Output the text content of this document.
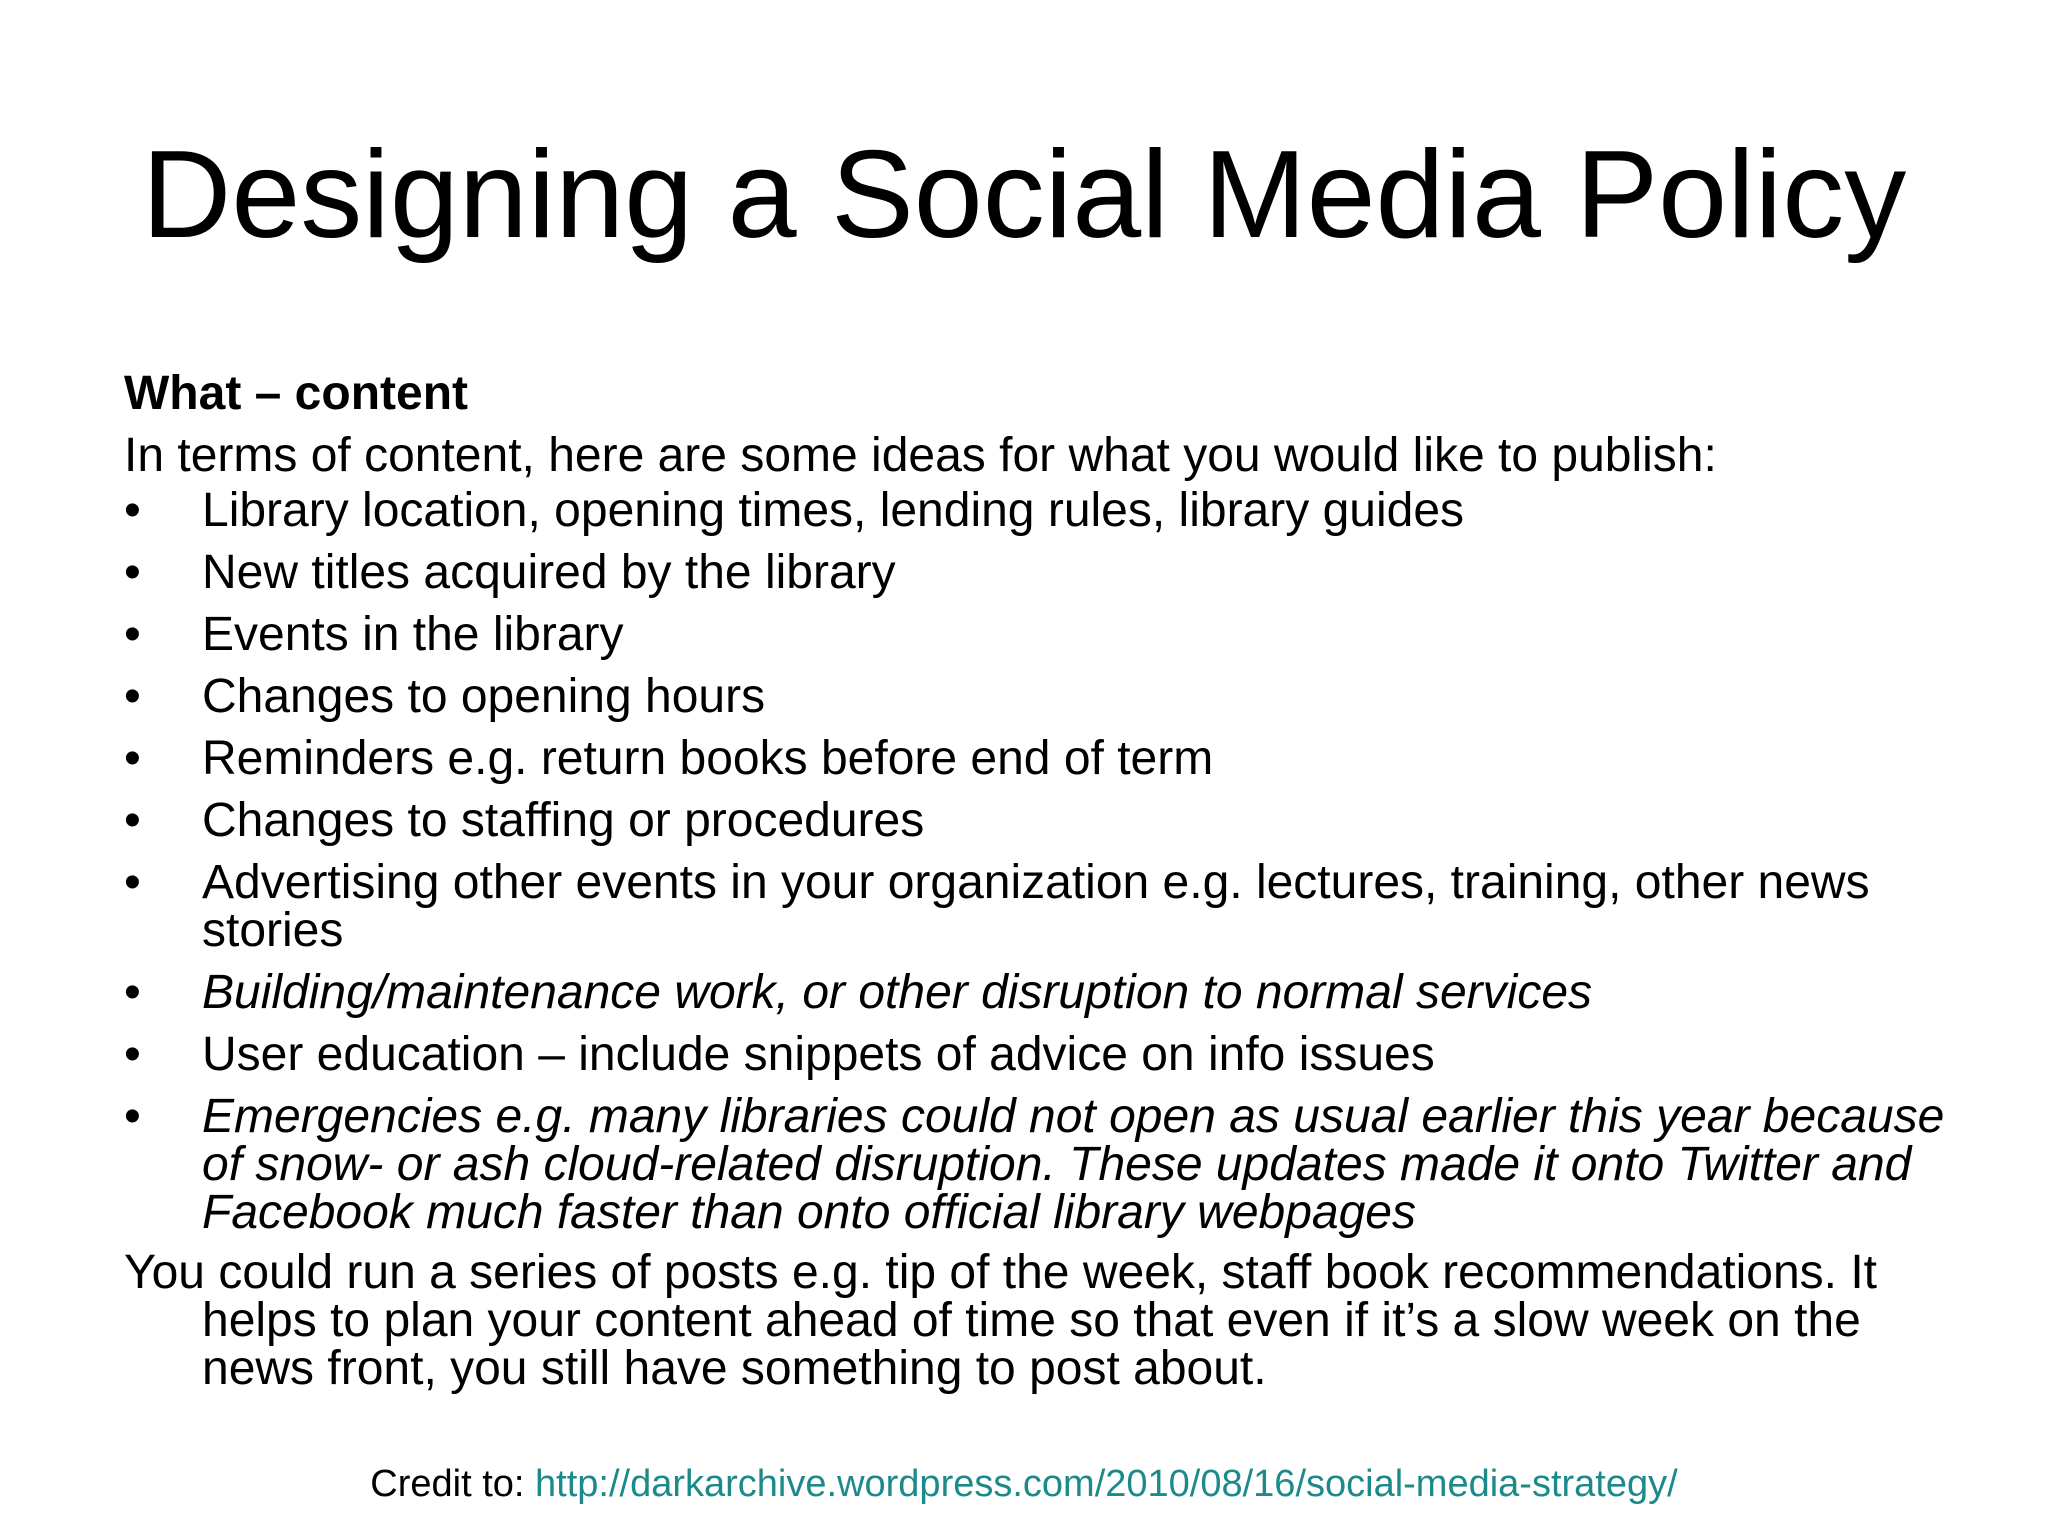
Designing a Social Media Policy

What – content

In terms of content, here are some ideas for what you would like to publish:

• Library location, opening times, lending rules, library guides
• New titles acquired by the library
• Events in the library
• Changes to opening hours
• Reminders e.g. return books before end of term
• Changes to staffing or procedures
• Advertising other events in your organization e.g. lectures, training, other news stories
• Building/maintenance work, or other disruption to normal services
• User education – include snippets of advice on info issues
• Emergencies e.g. many libraries could not open as usual earlier this year because of snow- or ash cloud-related disruption. These updates made it onto Twitter and Facebook much faster than onto official library webpages

You could run a series of posts e.g. tip of the week, staff book recommendations. It helps to plan your content ahead of time so that even if it’s a slow week on the news front, you still have something to post about.

Credit to: http://darkarchive.wordpress.com/2010/08/16/social-media-strategy/
